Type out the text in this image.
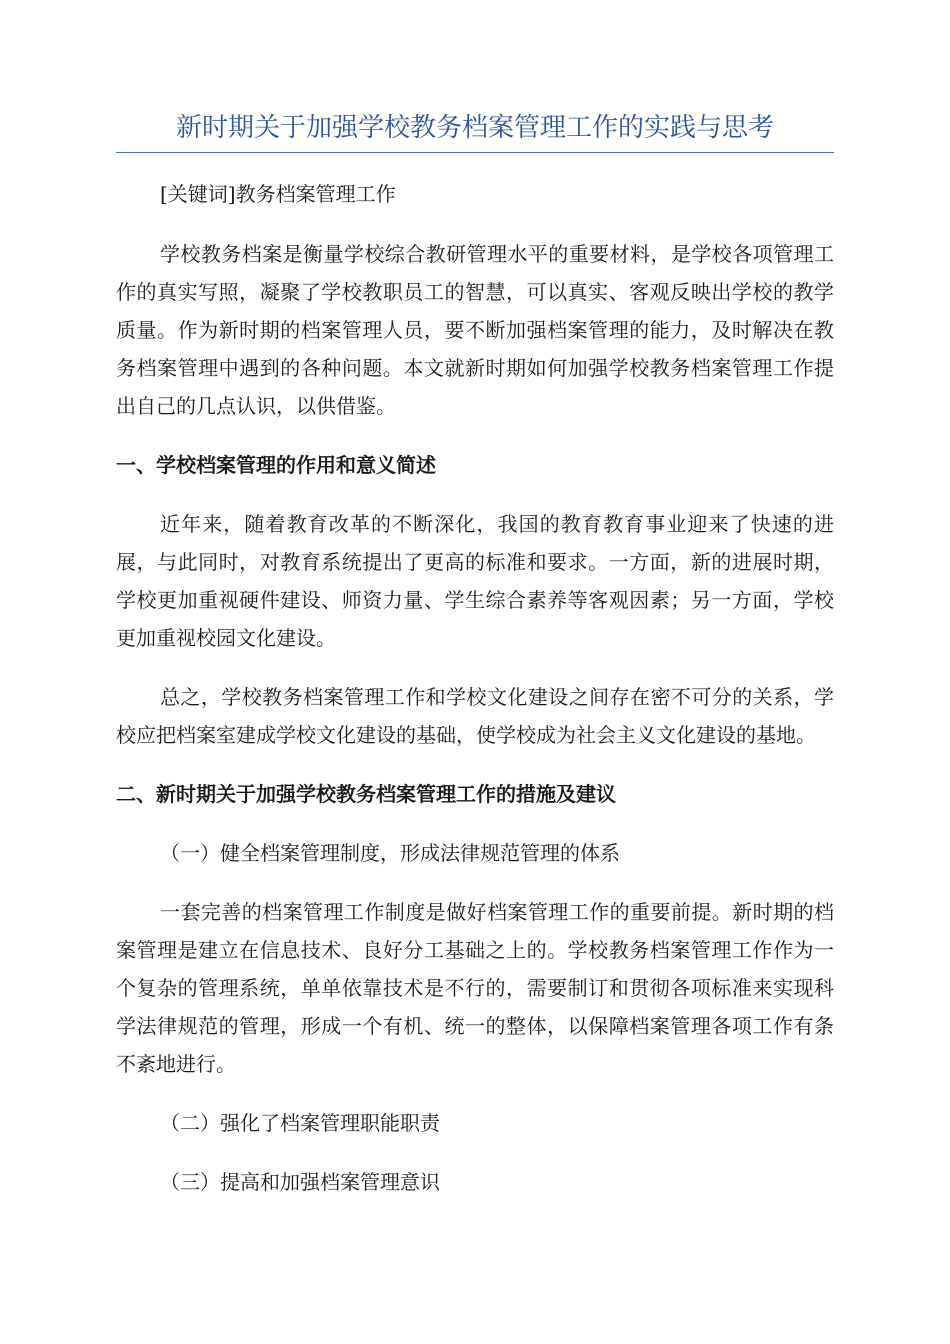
新时期关于加强学校教务档案管理工作的实践与思考

[关键词]教务档案管理工作

学校教务档案是衡量学校综合教研管理水平的重要材料，是学校各项管理工作的真实写照，凝聚了学校教职员工的智慧，可以真实、客观反映出学校的教学质量。作为新时期的档案管理人员，要不断加强档案管理的能力，及时解决在教务档案管理中遇到的各种问题。本文就新时期如何加强学校教务档案管理工作提出自己的几点认识，以供借鉴。

一、学校档案管理的作用和意义简述

近年来，随着教育改革的不断深化，我国的教育教育事业迎来了快速的进展，与此同时，对教育系统提出了更高的标准和要求。一方面，新的进展时期，学校更加重视硬件建设、师资力量、学生综合素养等客观因素；另一方面，学校更加重视校园文化建设。

总之，学校教务档案管理工作和学校文化建设之间存在密不可分的关系，学校应把档案室建成学校文化建设的基础，使学校成为社会主义文化建设的基地。

二、新时期关于加强学校教务档案管理工作的措施及建议

（一）健全档案管理制度，形成法律规范管理的体系

一套完善的档案管理工作制度是做好档案管理工作的重要前提。新时期的档案管理是建立在信息技术、良好分工基础之上的。学校教务档案管理工作作为一个复杂的管理系统，单单依靠技术是不行的，需要制订和贯彻各项标准来实现科学法律规范的管理，形成一个有机、统一的整体，以保障档案管理各项工作有条不紊地进行。

（二）强化了档案管理职能职责

（三）提高和加强档案管理意识
